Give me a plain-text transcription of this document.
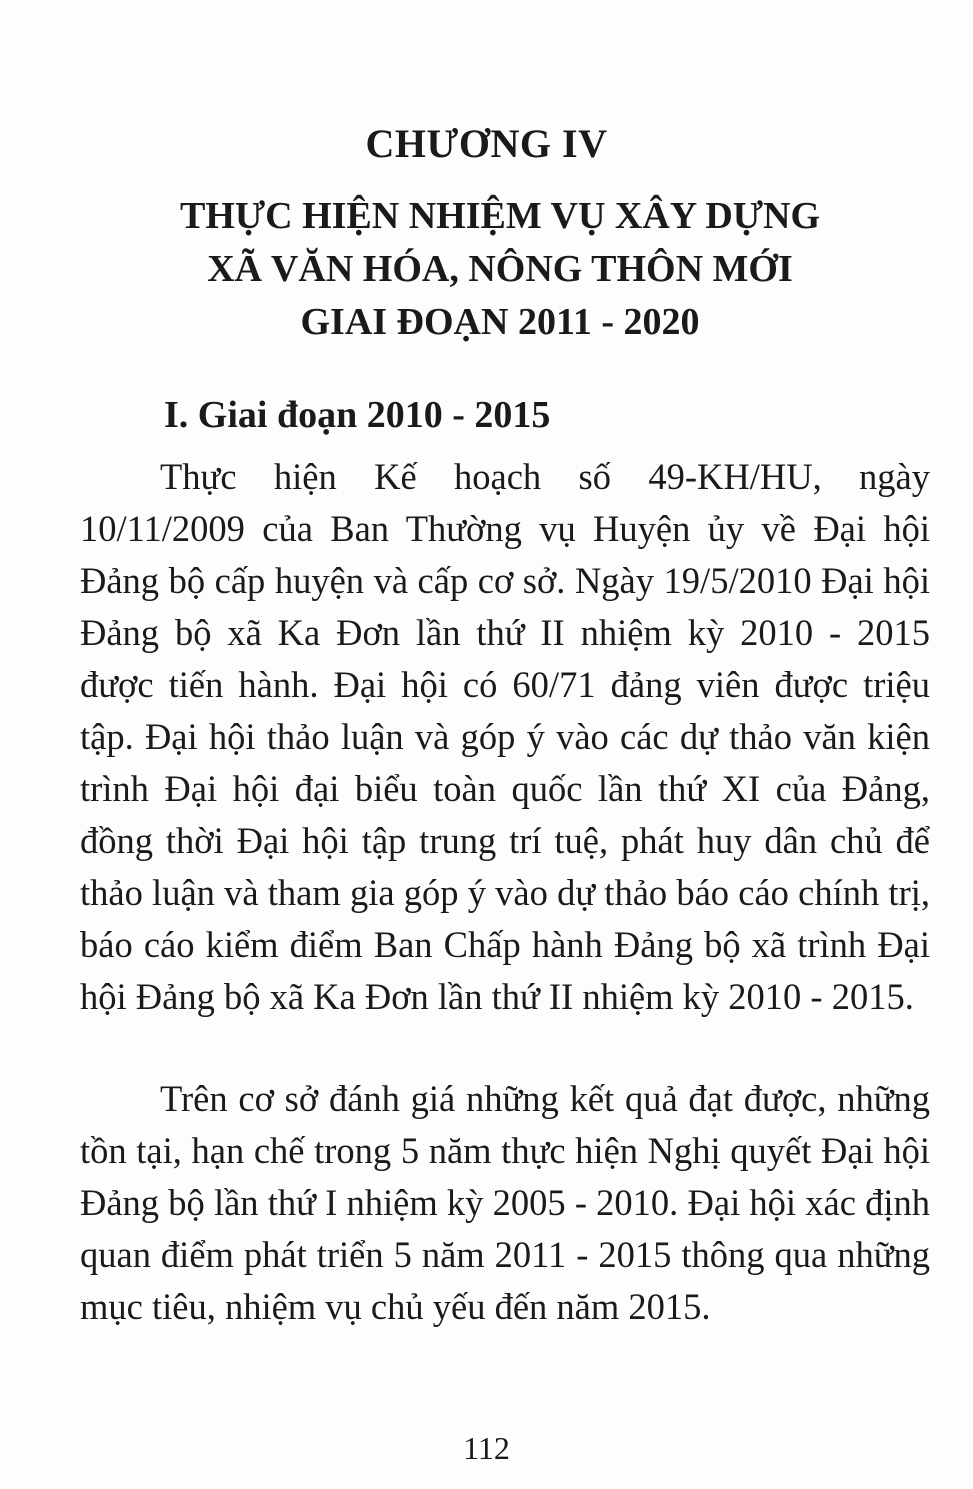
CHƯƠNG IV
THỰC HIỆN NHIỆM VỤ XÂY DỰNG
XÃ VĂN HÓA, NÔNG THÔN MỚI
GIAI ĐOẠN 2011 - 2020
I. Giai đoạn 2010 - 2015

Thực hiện Kế hoạch số 49-KH/HU, ngày 10/11/2009 của Ban Thường vụ Huyện ủy về Đại hội Đảng bộ cấp huyện và cấp cơ sở. Ngày 19/5/2010 Đại hội Đảng bộ xã Ka Đơn lần thứ II nhiệm kỳ 2010 - 2015 được tiến hành. Đại hội có 60/71 đảng viên được triệu tập. Đại hội thảo luận và góp ý vào các dự thảo văn kiện trình Đại hội đại biểu toàn quốc lần thứ XI của Đảng, đồng thời Đại hội tập trung trí tuệ, phát huy dân chủ để thảo luận và tham gia góp ý vào dự thảo báo cáo chính trị, báo cáo kiểm điểm Ban Chấp hành Đảng bộ xã trình Đại hội Đảng bộ xã Ka Đơn lần thứ II nhiệm kỳ 2010 - 2015.

Trên cơ sở đánh giá những kết quả đạt được, những tồn tại, hạn chế trong 5 năm thực hiện Nghị quyết Đại hội Đảng bộ lần thứ I nhiệm kỳ 2005 - 2010. Đại hội xác định quan điểm phát triển 5 năm 2011 - 2015 thông qua những mục tiêu, nhiệm vụ chủ yếu đến năm 2015.

112
